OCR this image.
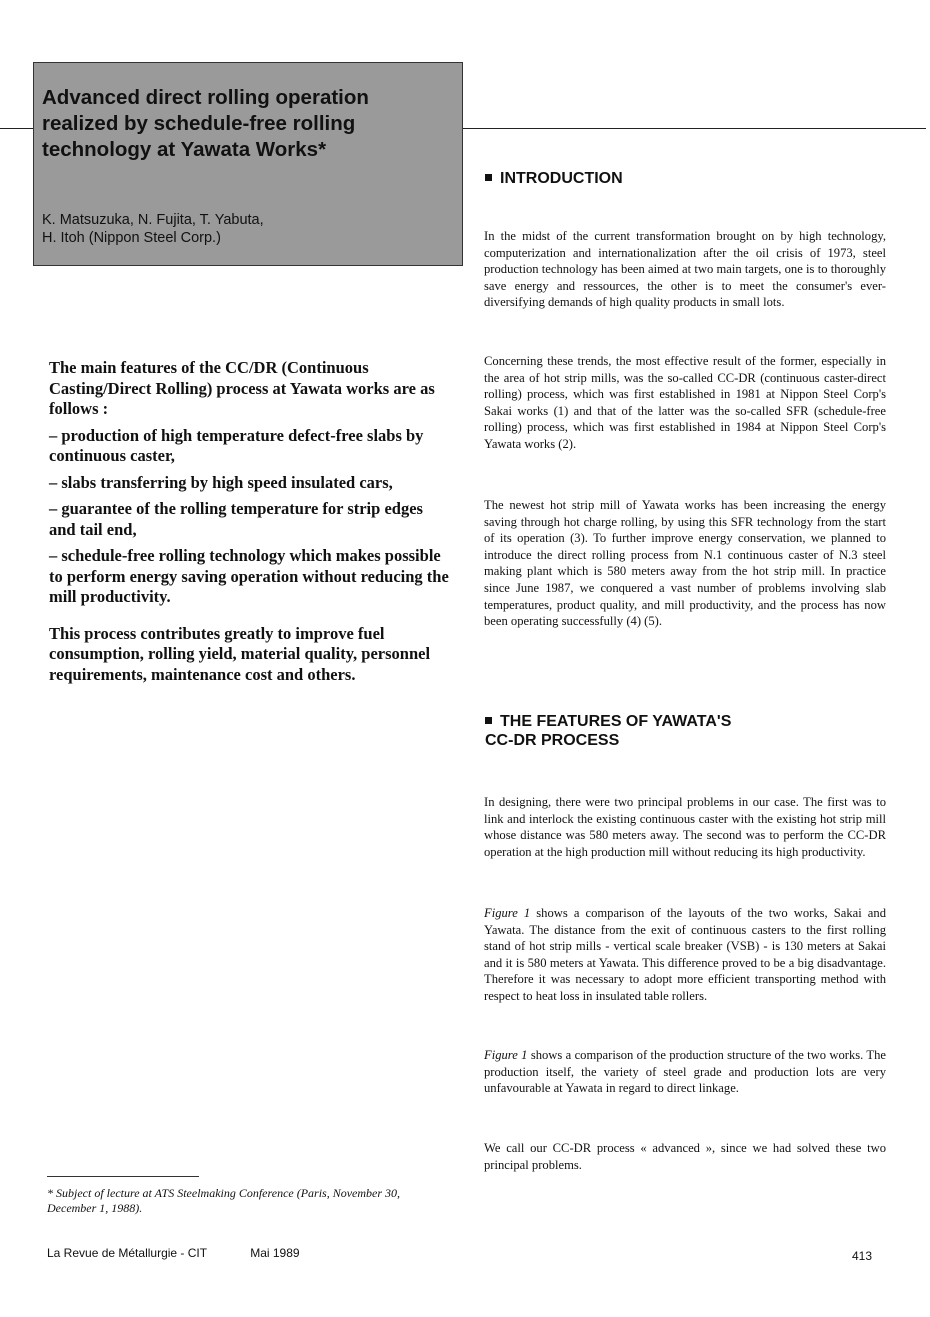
Advanced direct rolling operation
realized by schedule-free rolling
technology at Yawata Works*
K. Matsuzuka, N. Fujita, T. Yabuta,
H. Itoh (Nippon Steel Corp.)

The main features of the CC/DR (Continuous Casting/Direct Rolling) process at Yawata works are as follows :

– production of high temperature defect-free slabs by continuous caster,

– slabs transferring by high speed insulated cars,

– guarantee of the rolling temperature for strip edges and tail end,

– schedule-free rolling technology which makes possible to perform energy saving operation without reducing the mill productivity.

This process contributes greatly to improve fuel consumption, rolling yield, material quality, personnel requirements, maintenance cost and others.

* Subject of lecture at ATS Steelmaking Conference (Paris, November 30, December 1, 1988).
La Revue de Métallurgie - CIT	Mai 1989	413
INTRODUCTION

In the midst of the current transformation brought on by high technology, computerization and internationalization after the oil crisis of 1973, steel production technology has been aimed at two main targets, one is to thoroughly save energy and ressources, the other is to meet the consumer's ever-diversifying demands of high quality products in small lots.

Concerning these trends, the most effective result of the former, especially in the area of hot strip mills, was the so-called CC-DR (continuous caster-direct rolling) process, which was first established in 1981 at Nippon Steel Corp's Sakai works (1) and that of the latter was the so-called SFR (schedule-free rolling) process, which was first established in 1984 at Nippon Steel Corp's Yawata works (2).

The newest hot strip mill of Yawata works has been increasing the energy saving through hot charge rolling, by using this SFR technology from the start of its operation (3). To further improve energy conservation, we planned to introduce the direct rolling process from N.1 continuous caster of N.3 steel making plant which is 580 meters away from the hot strip mill. In practice since June 1987, we conquered a vast number of problems involving slab temperatures, product quality, and mill productivity, and the process has now been operating successfully (4) (5).

THE FEATURES OF YAWATA'S
CC-DR PROCESS

In designing, there were two principal problems in our case. The first was to link and interlock the existing continuous caster with the existing hot strip mill whose distance was 580 meters away. The second was to perform the CC-DR operation at the high production mill without reducing its high productivity.

Figure 1 shows a comparison of the layouts of the two works, Sakai and Yawata. The distance from the exit of continuous casters to the first rolling stand of hot strip mills - vertical scale breaker (VSB) - is 130 meters at Sakai and it is 580 meters at Yawata. This difference proved to be a big disadvantage. Therefore it was necessary to adopt more efficient transporting method with respect to heat loss in insulated table rollers.

Figure 1 shows a comparison of the production structure of the two works. The production itself, the variety of steel grade and production lots are very unfavourable at Yawata in regard to direct linkage.

We call our CC-DR process « advanced », since we had solved these two principal problems.
